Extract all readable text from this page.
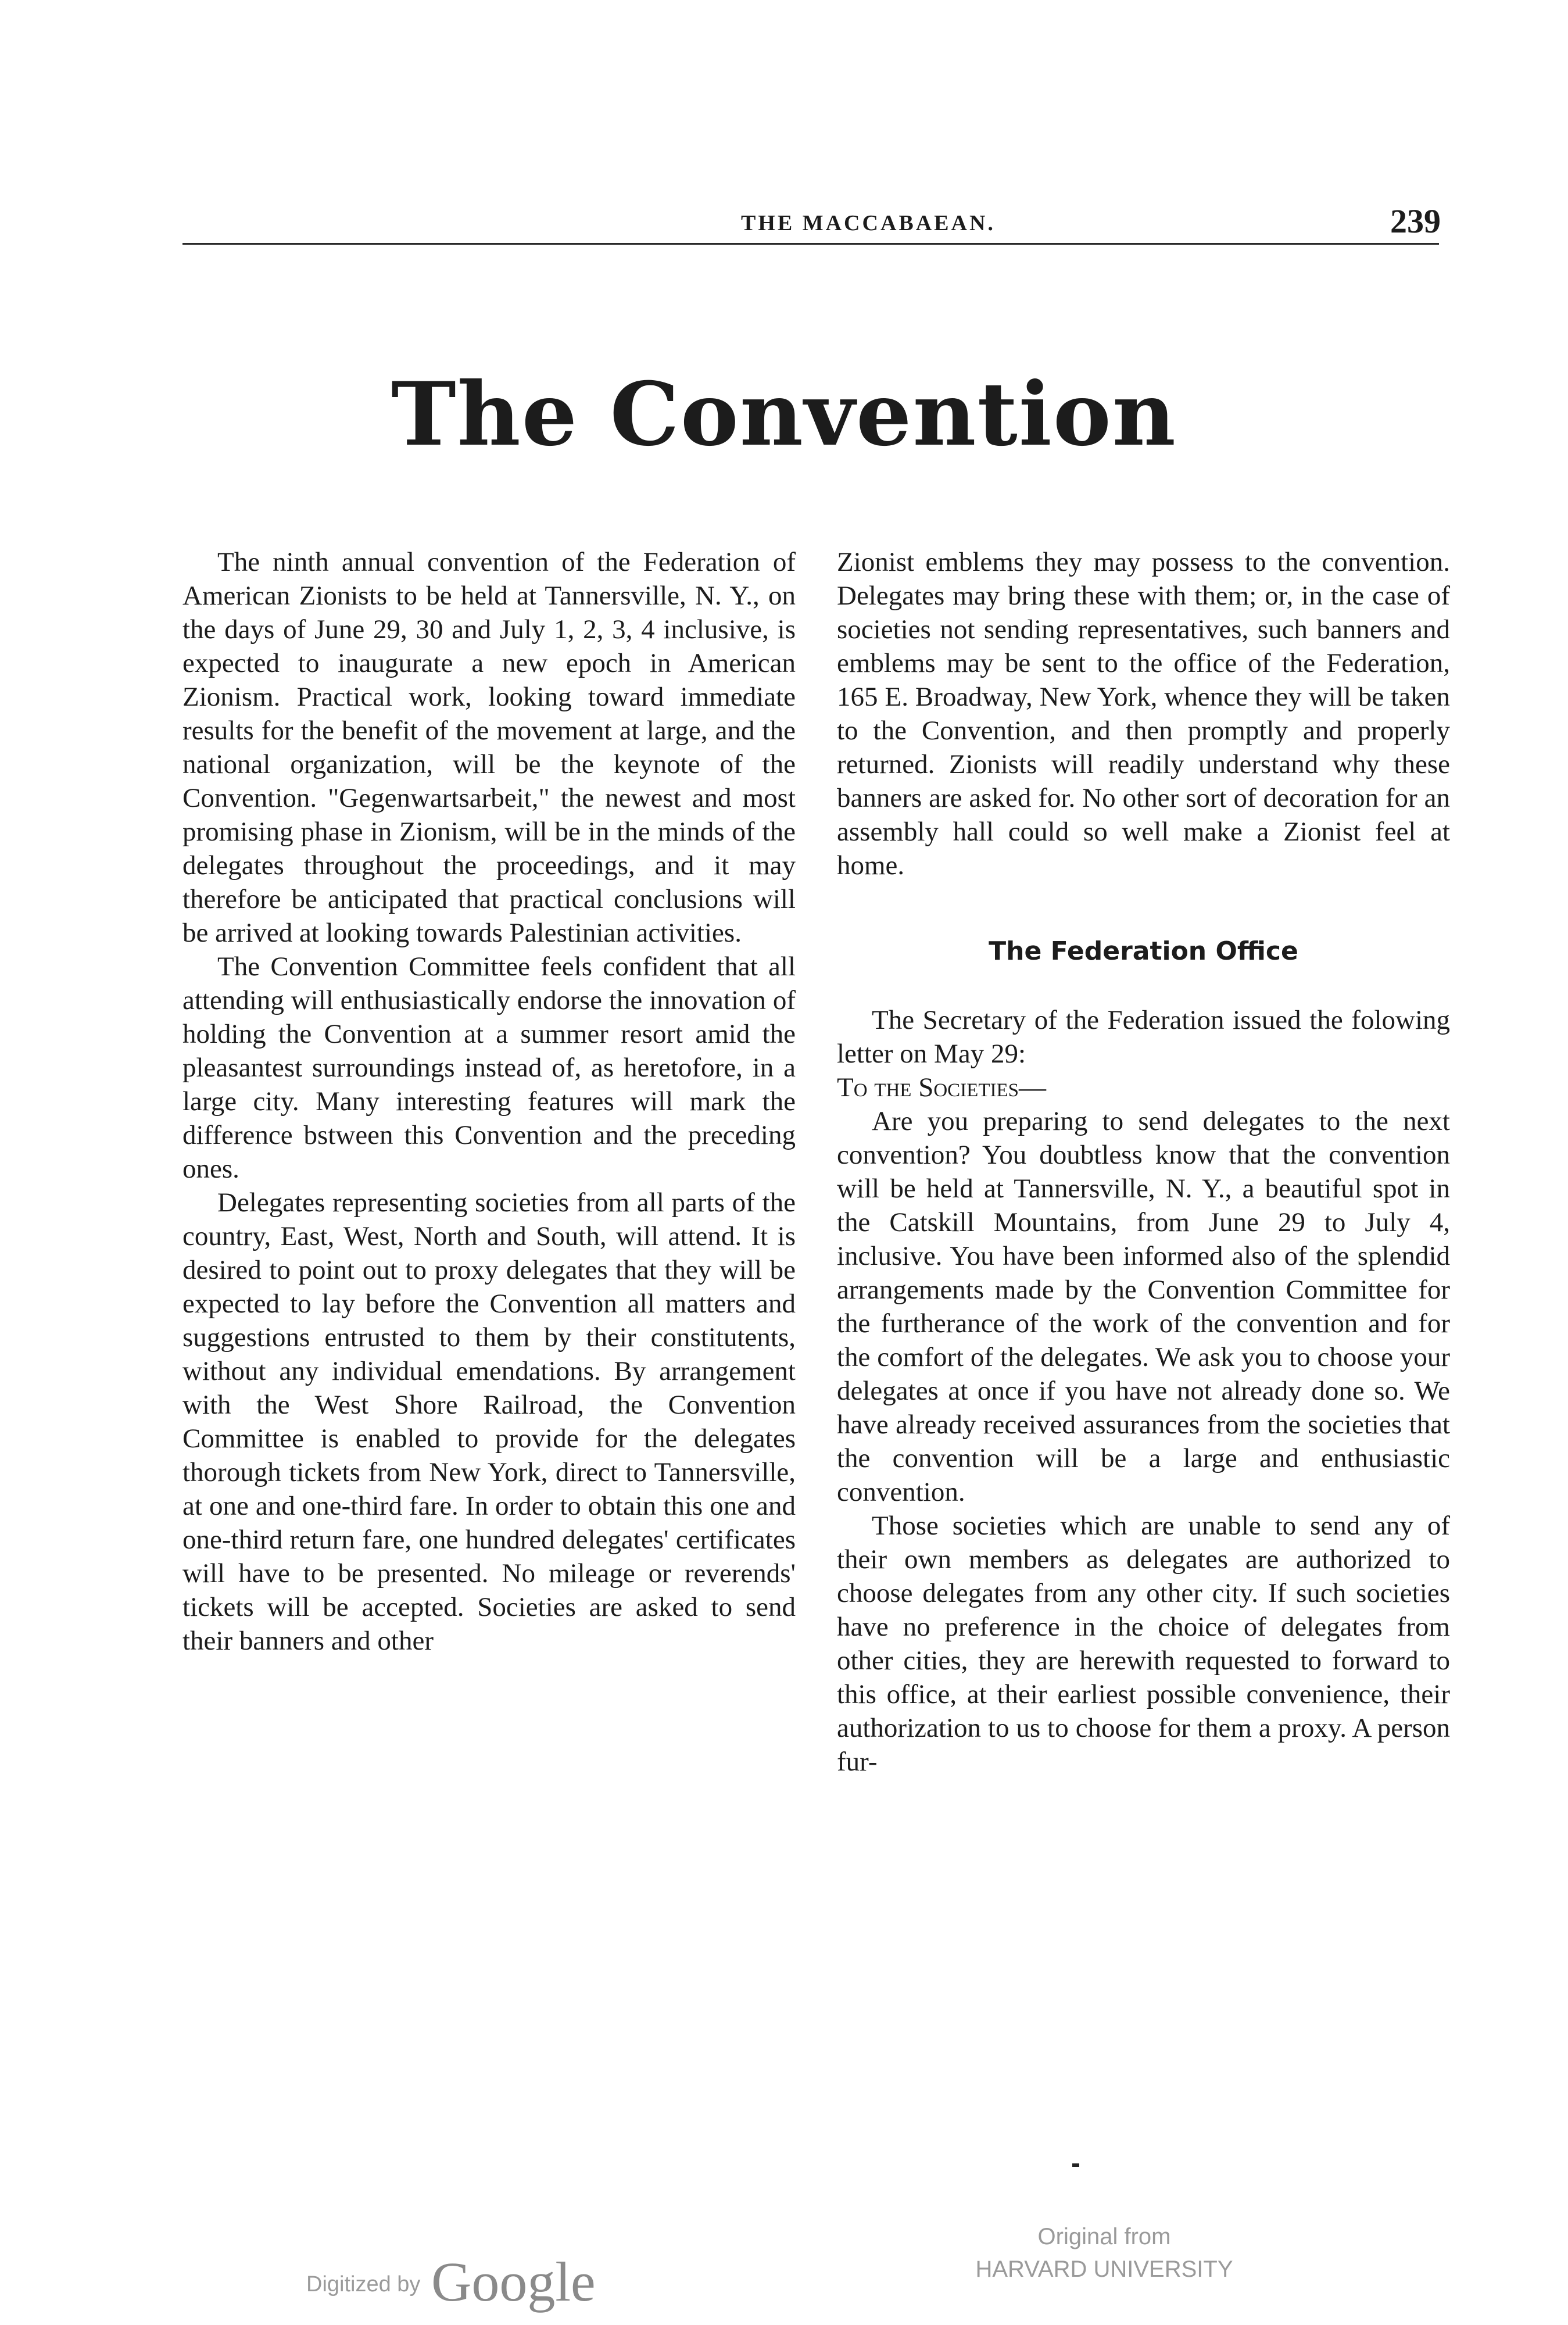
THE MACCABAEAN.	239
The Convention

The ninth annual convention of the Federation of American Zionists to be held at Tannersville, N. Y., on the days of June 29, 30 and July 1, 2, 3, 4 inclusive, is expected to inaugurate a new epoch in American Zionism. Practical work, looking toward immediate results for the benefit of the movement at large, and the national organization, will be the keynote of the Convention. "Gegenwartsarbeit," the newest and most promising phase in Zionism, will be in the minds of the delegates throughout the proceedings, and it may therefore be anticipated that practical conclusions will be arrived at looking towards Palestinian activities.

The Convention Committee feels confident that all attending will enthusiastically endorse the innovation of holding the Convention at a summer resort amid the pleasantest surroundings instead of, as heretofore, in a large city. Many interesting features will mark the difference bstween this Convention and the preceding ones.

Delegates representing societies from all parts of the country, East, West, North and South, will attend. It is desired to point out to proxy delegates that they will be expected to lay before the Convention all matters and suggestions entrusted to them by their constitutents, without any individual emendations. By arrangement with the West Shore Railroad, the Convention Committee is enabled to provide for the delegates thorough tickets from New York, direct to Tannersville, at one and one-third fare. In order to obtain this one and one-third return fare, one hundred delegates' certificates will have to be presented. No mileage or reverends' tickets will be accepted. Societies are asked to send their banners and other

Zionist emblems they may possess to the convention. Delegates may bring these with them; or, in the case of societies not sending representatives, such banners and emblems may be sent to the office of the Federation, 165 E. Broadway, New York, whence they will be taken to the Convention, and then promptly and properly returned. Zionists will readily understand why these banners are asked for. No other sort of decoration for an assembly hall could so well make a Zionist feel at home.

The Federation Office

The Secretary of the Federation issued the folowing letter on May 29:

To the Societies—

Are you preparing to send delegates to the next convention? You doubtless know that the convention will be held at Tannersville, N. Y., a beautiful spot in the Catskill Mountains, from June 29 to July 4, inclusive. You have been informed also of the splendid arrangements made by the Convention Committee for the furtherance of the work of the convention and for the comfort of the delegates. We ask you to choose your delegates at once if you have not already done so. We have already received assurances from the societies that the convention will be a large and enthusiastic convention.

Those societies which are unable to send any of their own members as delegates are authorized to choose delegates from any other city. If such societies have no preference in the choice of delegates from other cities, they are herewith requested to forward to this office, at their earliest possible convenience, their authorization to us to choose for them a proxy. A person fur-

Digitized by Google
Original from
HARVARD UNIVERSITY
